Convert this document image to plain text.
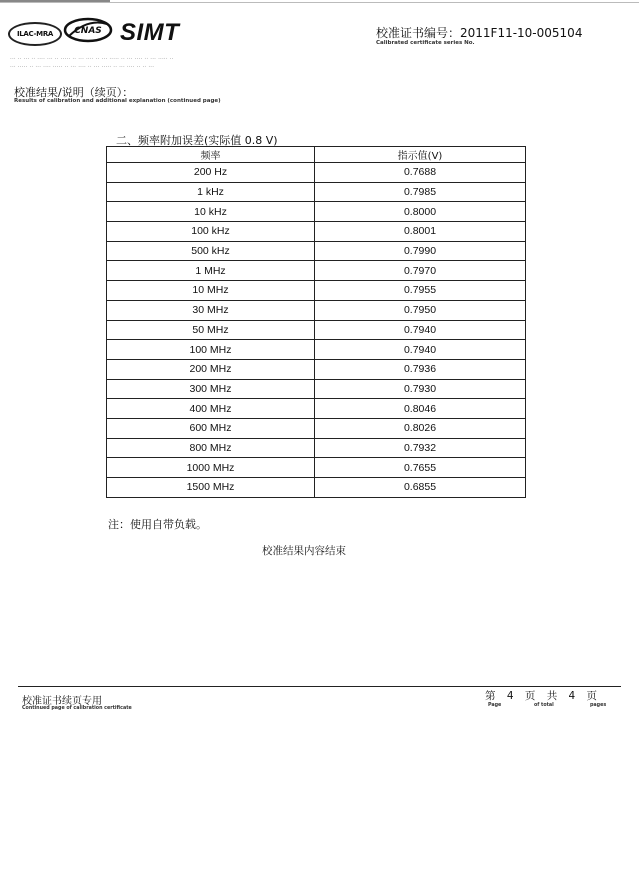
ILAC-MRA	CNAS SIMT
··· ·· ··· ·· ···· ··· ·· ····· ·· ··· ···· ·· ··· ····· ·· ··· ···· ·· ··· ····· ··
··· ····· ·· ··· ···· ····· ·· ··· ···· ·· ··· ····· ·· ··· ···· ·· ·· ···
校准证书编号：2011F11-10-005104
Calibrated certificate series No.
校准结果/说明（续页）：
Results of calibration and additional explanation (continued page)
二、频率附加误差(实际值 0.8 V)
频率	指示值(V)
200 Hz	0.7688
1 kHz	0.7985
10 kHz	0.8000
100 kHz	0.8001
500 kHz	0.7990
1 MHz	0.7970
10 MHz	0.7955
30 MHz	0.7950
50 MHz	0.7940
100 MHz	0.7940
200 MHz	0.7936
300 MHz	0.7930
400 MHz	0.8046
600 MHz	0.8026
800 MHz	0.7932
1000 MHz	0.7655
1500 MHz	0.6855
注：使用自带负载。
校准结果内容结束
校准证书续页专用
Continued page of calibration certificate
第 4 页 共 4 页
Page	of total	pages
